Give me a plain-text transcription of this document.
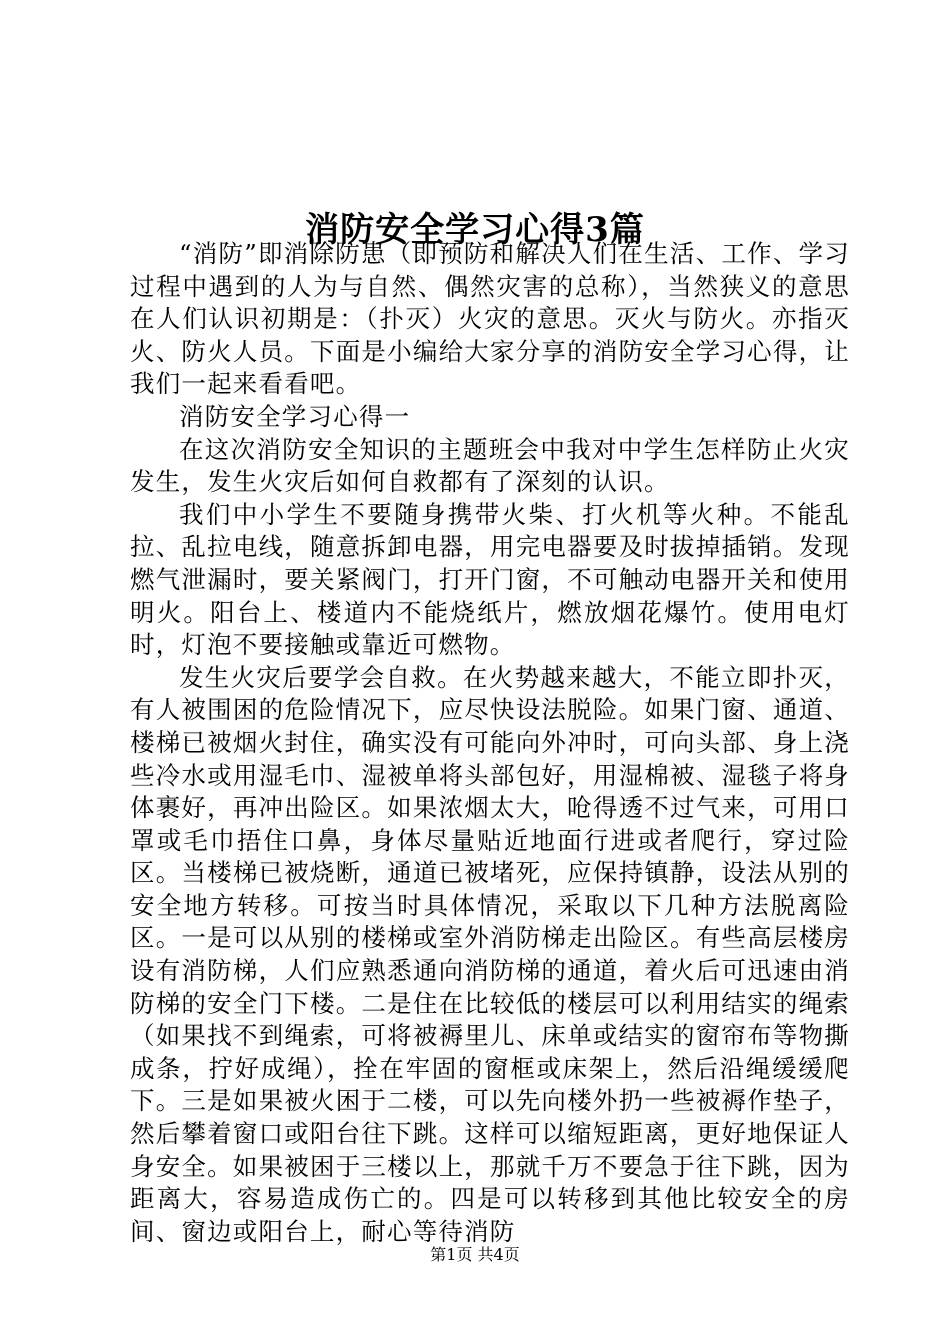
消防安全学习心得3篇

“消防”即消除防患（即预防和解决人们在生活、工作、学习过程中遇到的人为与自然、偶然灾害的总称），当然狭义的意思在人们认识初期是：（扑灭）火灾的意思。灭火与防火。亦指灭火、防火人员。下面是小编给大家分享的消防安全学习心得，让我们一起来看看吧。

消防安全学习心得一

在这次消防安全知识的主题班会中我对中学生怎样防止火灾发生，发生火灾后如何自救都有了深刻的认识。

我们中小学生不要随身携带火柴、打火机等火种。不能乱拉、乱拉电线，随意拆卸电器，用完电器要及时拔掉插销。发现燃气泄漏时，要关紧阀门，打开门窗，不可触动电器开关和使用明火。阳台上、楼道内不能烧纸片，燃放烟花爆竹。使用电灯时，灯泡不要接触或靠近可燃物。

发生火灾后要学会自救。在火势越来越大，不能立即扑灭，有人被围困的危险情况下，应尽快设法脱险。如果门窗、通道、楼梯已被烟火封住，确实没有可能向外冲时，可向头部、身上浇些冷水或用湿毛巾、湿被单将头部包好，用湿棉被、湿毯子将身体裹好，再冲出险区。如果浓烟太大，呛得透不过气来，可用口罩或毛巾捂住口鼻，身体尽量贴近地面行进或者爬行，穿过险区。当楼梯已被烧断，通道已被堵死，应保持镇静，设法从别的安全地方转移。可按当时具体情况，采取以下几种方法脱离险区。一是可以从别的楼梯或室外消防梯走出险区。有些高层楼房设有消防梯，人们应熟悉通向消防梯的通道，着火后可迅速由消防梯的安全门下楼。二是住在比较低的楼层可以利用结实的绳索（如果找不到绳索，可将被褥里儿、床单或结实的窗帘布等物撕成条，拧好成绳），拴在牢固的窗框或床架上，然后沿绳缓缓爬下。三是如果被火困于二楼，可以先向楼外扔一些被褥作垫子，然后攀着窗口或阳台往下跳。这样可以缩短距离，更好地保证人身安全。如果被困于三楼以上，那就千万不要急于往下跳，因为距离大，容易造成伤亡的。四是可以转移到其他比较安全的房间、窗边或阳台上，耐心等待消防

第1页 共4页
